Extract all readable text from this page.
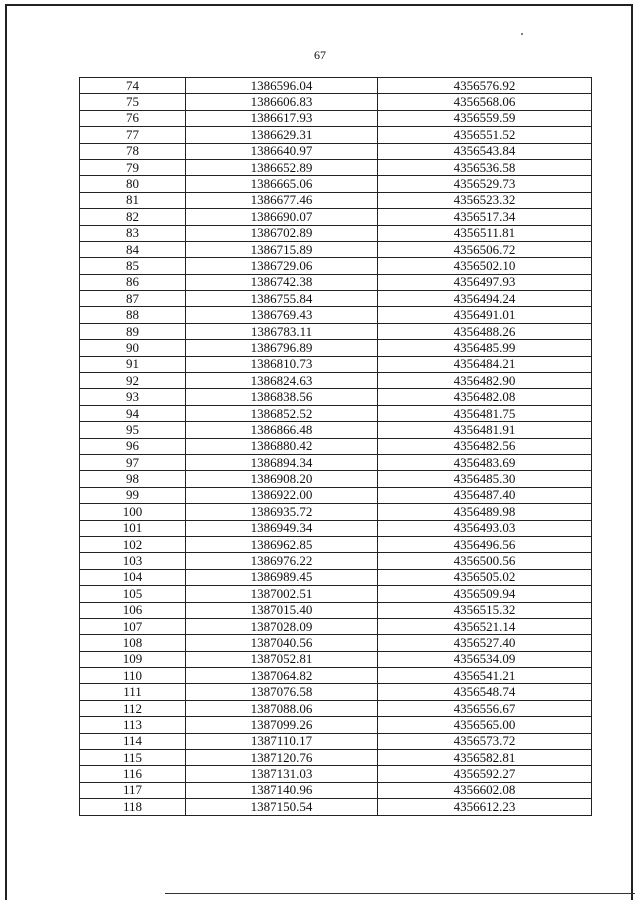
67
74	1386596.04	4356576.92
75	1386606.83	4356568.06
76	1386617.93	4356559.59
77	1386629.31	4356551.52
78	1386640.97	4356543.84
79	1386652.89	4356536.58
80	1386665.06	4356529.73
81	1386677.46	4356523.32
82	1386690.07	4356517.34
83	1386702.89	4356511.81
84	1386715.89	4356506.72
85	1386729.06	4356502.10
86	1386742.38	4356497.93
87	1386755.84	4356494.24
88	1386769.43	4356491.01
89	1386783.11	4356488.26
90	1386796.89	4356485.99
91	1386810.73	4356484.21
92	1386824.63	4356482.90
93	1386838.56	4356482.08
94	1386852.52	4356481.75
95	1386866.48	4356481.91
96	1386880.42	4356482.56
97	1386894.34	4356483.69
98	1386908.20	4356485.30
99	1386922.00	4356487.40
100	1386935.72	4356489.98
101	1386949.34	4356493.03
102	1386962.85	4356496.56
103	1386976.22	4356500.56
104	1386989.45	4356505.02
105	1387002.51	4356509.94
106	1387015.40	4356515.32
107	1387028.09	4356521.14
108	1387040.56	4356527.40
109	1387052.81	4356534.09
110	1387064.82	4356541.21
111	1387076.58	4356548.74
112	1387088.06	4356556.67
113	1387099.26	4356565.00
114	1387110.17	4356573.72
115	1387120.76	4356582.81
116	1387131.03	4356592.27
117	1387140.96	4356602.08
118	1387150.54	4356612.23
